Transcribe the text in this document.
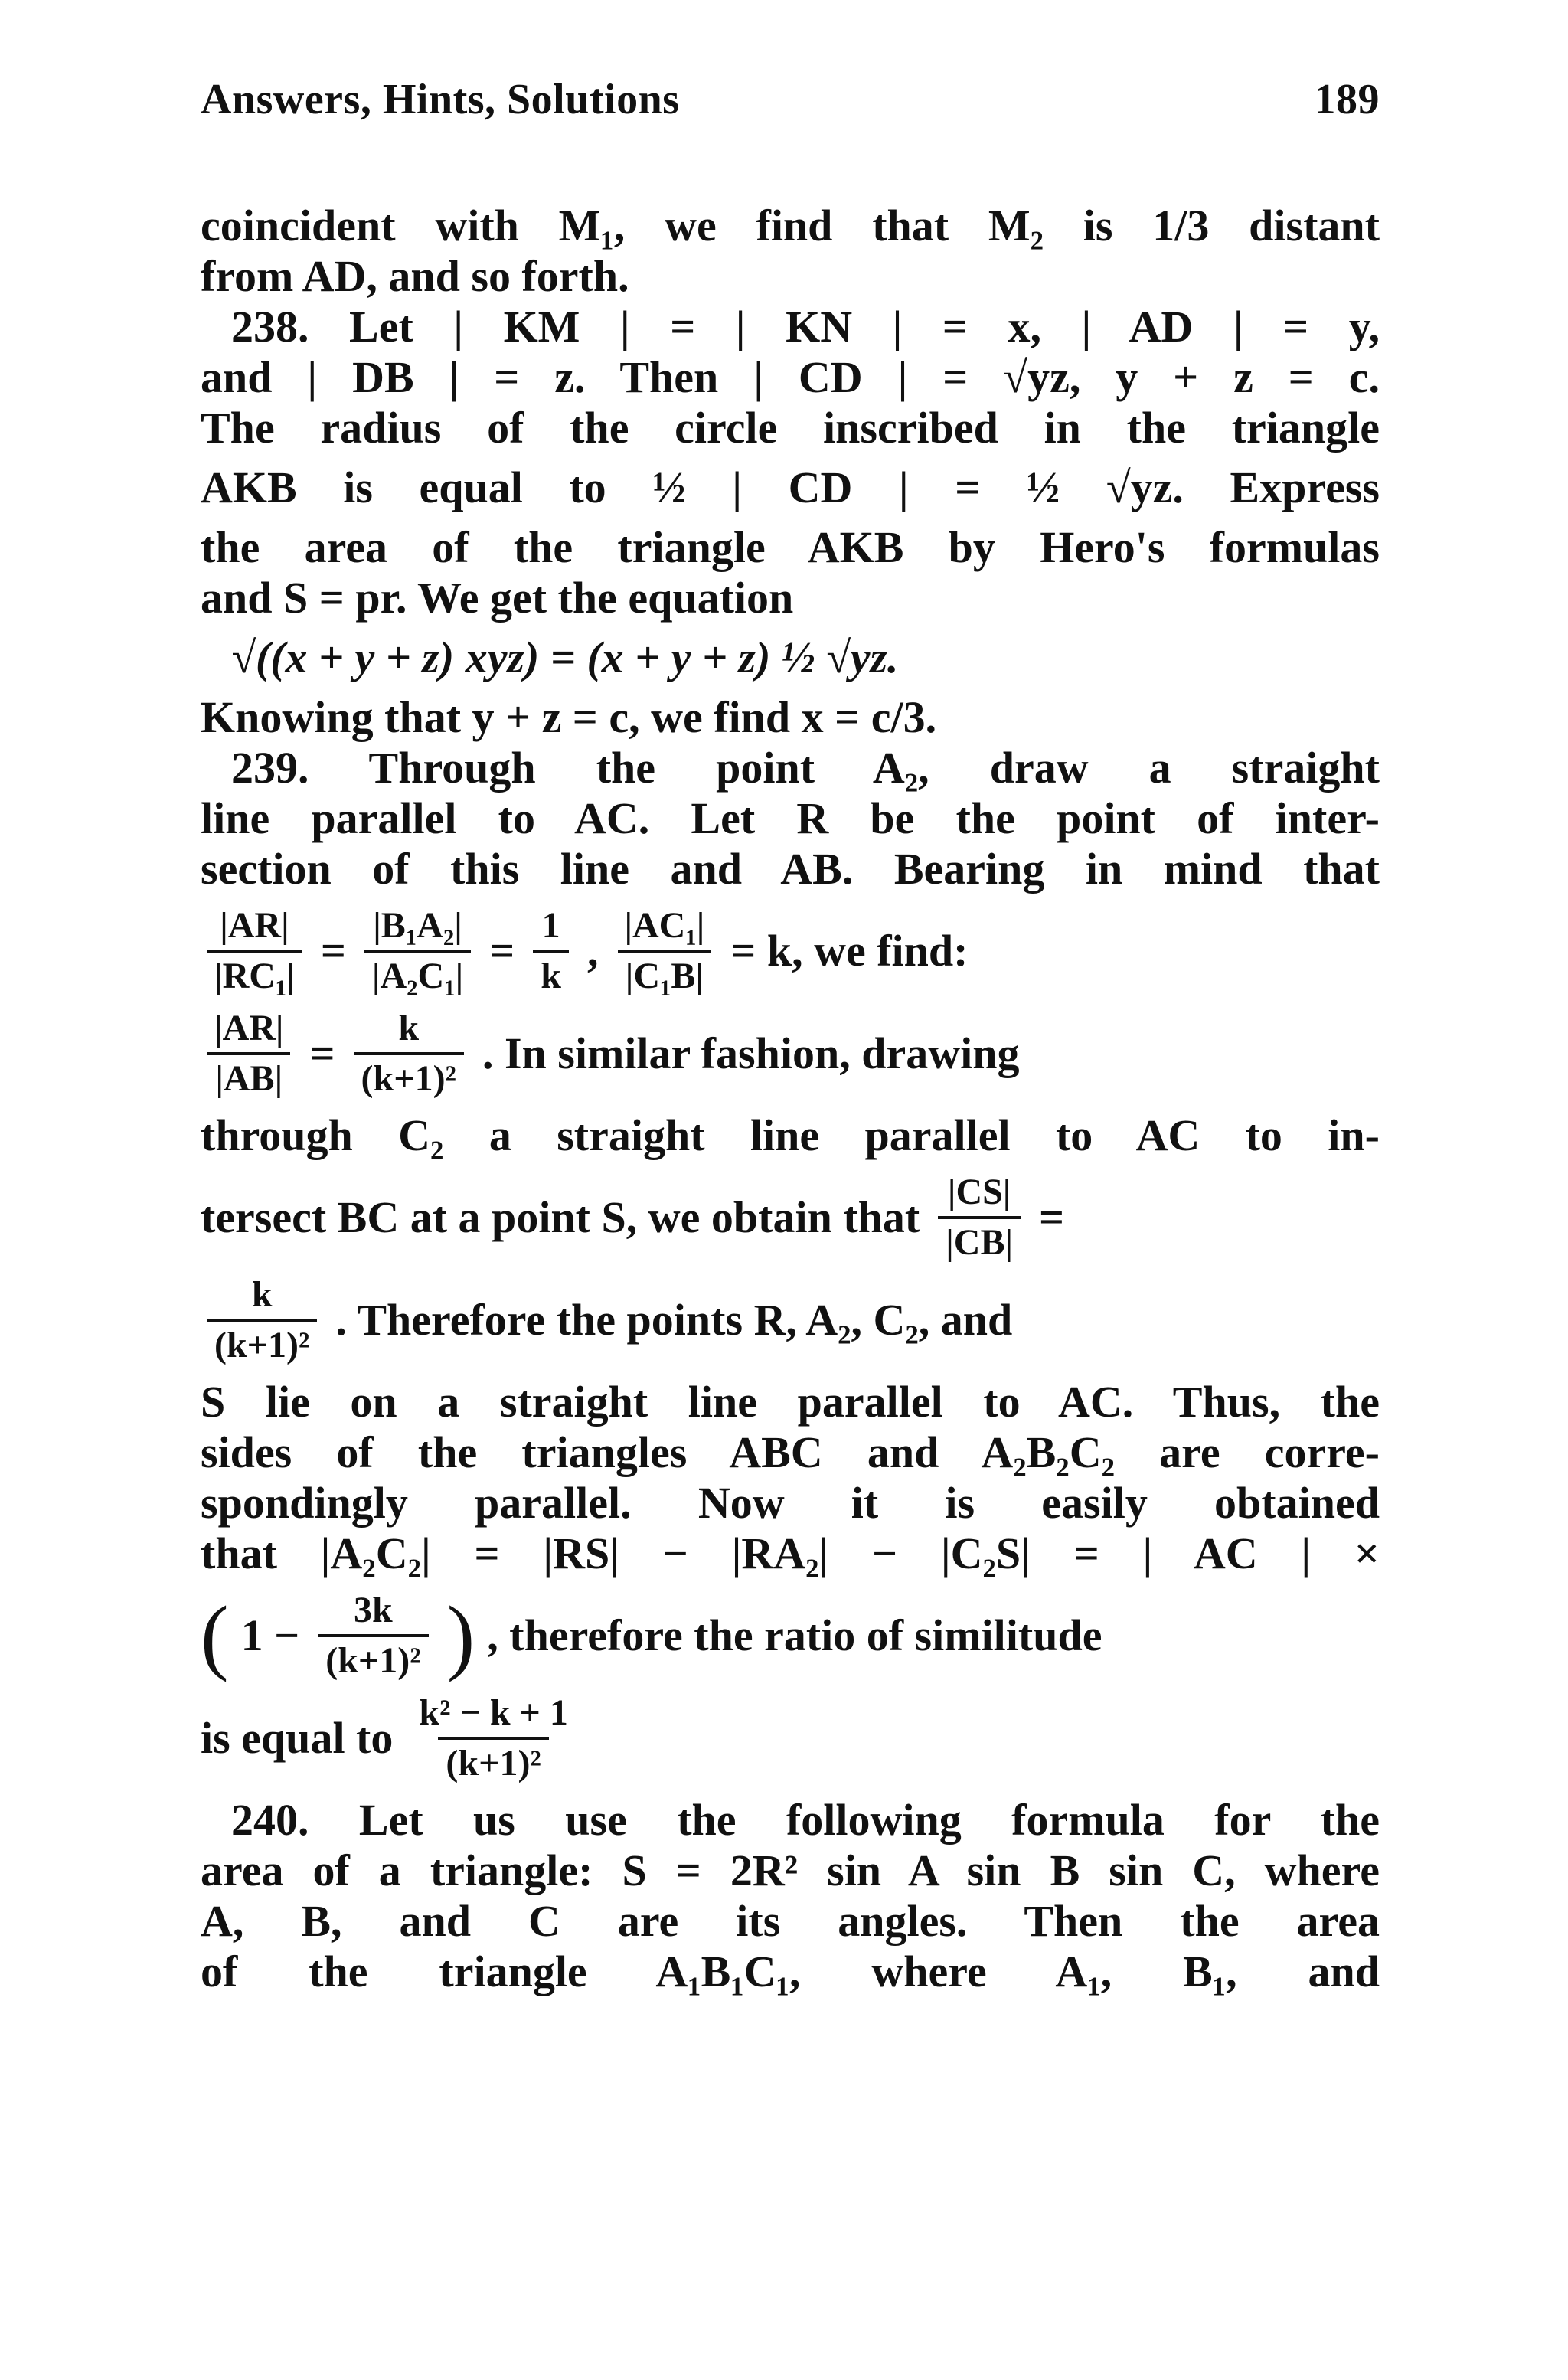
Answers, Hints, Solutions	189
coincident with M₁, we find that M₂ is 1/3 distant
from AD, and so forth.
238. Let | KM | = | KN | = x, | AD | = y,
and | DB | = z. Then | CD | = √yz, y + z = c.
The radius of the circle inscribed in the triangle
AKB is equal to ½ | CD | = ½ √yz. Express
the area of the triangle AKB by Hero's formulas
and S = pr. We get the equation
√((x + y + z) xyz) = (x + y + z) ½ √yz.
Knowing that y + z = c, we find x = c/3.
239. Through the point A₂, draw a straight
line parallel to AC. Let R be the point of inter-
section of this line and AB. Bearing in mind that
$\frac{|AR|}{\text{|RC₁|}} = \frac{\text{|B₁A₂|}}{\text{|A₂C₁|}} = \frac{1}{k}$ , $\frac{\text{|AC₁|}}{\text{|C₁B|}} = k$, we find:
$\frac{|AR|}{|AB|} = \frac{k}{\text{(k+1)²}}$ . In similar fashion, drawing
through C₂ a straight line parallel to AC to in-
tersect BC at a point S, we obtain that $\frac{|CS|}{|CB|}$ =
$\frac{k}{\text{(k+1)²}}$ . Therefore the points R, A₂, C₂, and
S lie on a straight line parallel to AC. Thus, the
sides of the triangles ABC and A₂B₂C₂ are corre-
spondingly parallel. Now it is easily obtained
that |A₂C₂| = |RS| − |RA₂| − |C₂S| = | AC | ×
( $1 - \frac{3k}{\text{(k+1)²}}$ ) , therefore the ratio of similitude
is equal to $\frac{\text{k² − k + 1}}{\text{(k+1)²}}$
240. Let us use the following formula for the
area of a triangle: S = 2R² sin A sin B sin C, where
A, B, and C are its angles. Then the area
of the triangle A₁B₁C₁, where A₁, B₁, and
